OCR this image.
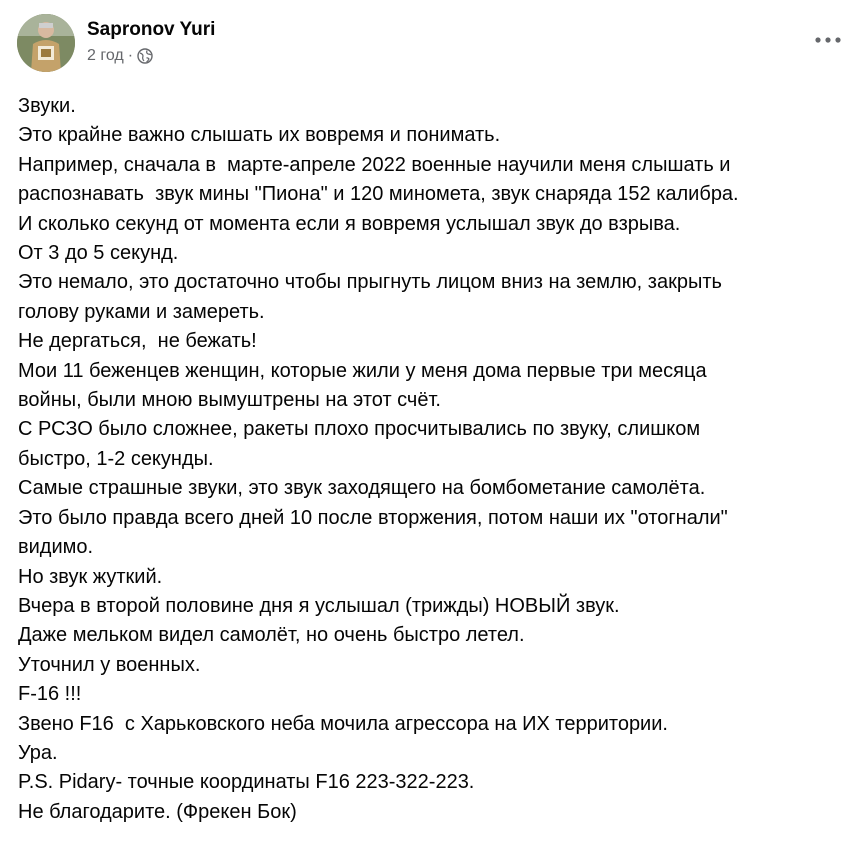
Sapronov Yuri
2 год ·
Звуки.
Это крайне важно слышать их вовремя и понимать.
Например, сначала в  марте-апреле 2022 военные научили меня слышать и
распознавать  звук мины "Пиона" и 120 миномета, звук снаряда 152 калибра.
И сколько секунд от момента если я вовремя услышал звук до взрыва.
От 3 до 5 секунд.
Это немало, это достаточно чтобы прыгнуть лицом вниз на землю, закрыть
голову руками и замереть.
Не дергаться,  не бежать!
Мои 11 беженцев женщин, которые жили у меня дома первые три месяца
войны, были мною вымуштрены на этот счёт.
С РСЗО было сложнее, ракеты плохо просчитывались по звуку, слишком
быстро, 1-2 секунды.
Самые страшные звуки, это звук заходящего на бомбометание самолёта.
Это было правда всего дней 10 после вторжения, потом наши их "отогнали"
видимо.
Но звук жуткий.
Вчера в второй половине дня я услышал (трижды) НОВЫЙ звук.
Даже мельком видел самолёт, но очень быстро летел.
Уточнил у военных.
F-16 !!!
Звено F16  с Харьковского неба мочила агрессора на ИХ территории.
Ура.
P.S. Pidary- точные координаты F16 223-322-223.
Не благодарите. (Фрекен Бок)
